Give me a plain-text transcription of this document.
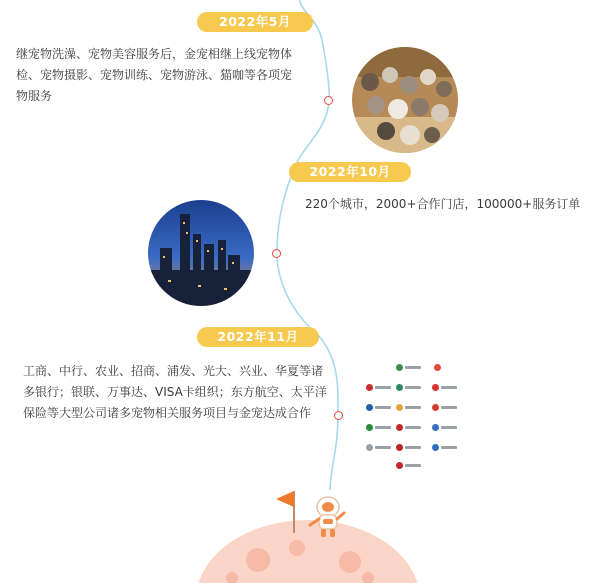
2022年5月
继宠物洗澡、宠物美容服务后，金宠相继上线宠物体检、宠物摄影、宠物训练、宠物游泳、猫咖等各项宠物服务
2022年10月
220个城市，2000+合作门店，100000+服务订单
2022年11月
工商、中行、农业、招商、浦发、光大、兴业、华夏等诸多银行；银联、万事达、VISA卡组织；东方航空、太平洋保险等大型公司诸多宠物相关服务项目与金宠达成合作
